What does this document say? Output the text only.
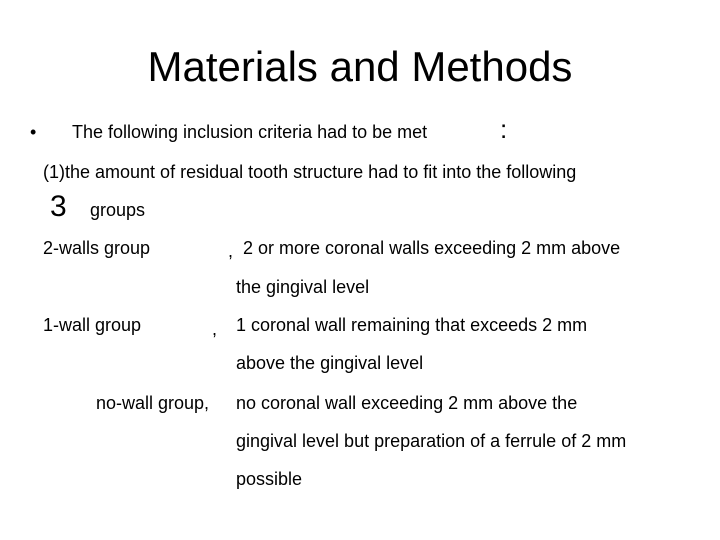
Materials and Methods
• The following inclusion criteria had to be met	:
(1)the amount of residual tooth structure had to fit into the following
3 groups
2-walls group	, 2 or more coronal walls exceeding 2 mm above
the gingival level
1-wall group	, 1 coronal wall remaining that exceeds 2 mm
above the gingival level
no-wall group, no coronal wall exceeding 2 mm above the
gingival level but preparation of a ferrule of 2 mm
possible
